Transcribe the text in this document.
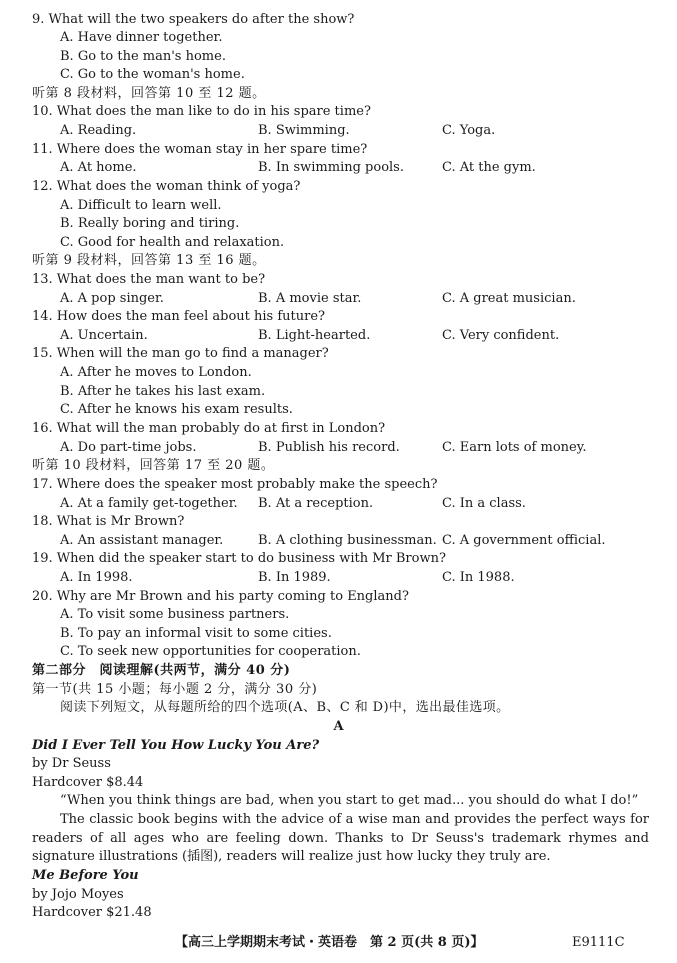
9. What will the two speakers do after the show?
A. Have dinner together.
B. Go to the man's home.
C. Go to the woman's home.
听第 8 段材料，回答第 10 至 12 题。
10. What does the man like to do in his spare time?
A. Reading.	B. Swimming.	C. Yoga.
11. Where does the woman stay in her spare time?
A. At home.	B. In swimming pools.	C. At the gym.
12. What does the woman think of yoga?
A. Difficult to learn well.
B. Really boring and tiring.
C. Good for health and relaxation.
听第 9 段材料，回答第 13 至 16 题。
13. What does the man want to be?
A. A pop singer.	B. A movie star.	C. A great musician.
14. How does the man feel about his future?
A. Uncertain.	B. Light-hearted.	C. Very confident.
15. When will the man go to find a manager?
A. After he moves to London.
B. After he takes his last exam.
C. After he knows his exam results.
16. What will the man probably do at first in London?
A. Do part-time jobs.	B. Publish his record.	C. Earn lots of money.
听第 10 段材料，回答第 17 至 20 题。
17. Where does the speaker most probably make the speech?
A. At a family get-together. B. At a reception.	C. In a class.
18. What is Mr Brown?
A. An assistant manager.	B. A clothing businessman. C. A government official.
19. When did the speaker start to do business with Mr Brown?
A. In 1998.	B. In 1989.	C. In 1988.
20. Why are Mr Brown and his party coming to England?
A. To visit some business partners.
B. To pay an informal visit to some cities.
C. To seek new opportunities for cooperation.
第二部分　阅读理解(共两节，满分 40 分)
第一节(共 15 小题；每小题 2 分，满分 30 分)
阅读下列短文，从每题所给的四个选项(A、B、C 和 D)中，选出最佳选项。
A
Did I Ever Tell You How Lucky You Are?
by Dr Seuss
Hardcover $8.44
“When you think things are bad, when you start to get mad... you should do what I do!”
The classic book begins with the advice of a wise man and provides the perfect ways for readers of all ages who are feeling down. Thanks to Dr Seuss's trademark rhymes and signature illustrations (插图), readers will realize just how lucky they truly are.
Me Before You
by Jojo Moyes
Hardcover $21.48
【高三上学期期末考试・英语卷　第 2 页(共 8 页)】	E9111C
